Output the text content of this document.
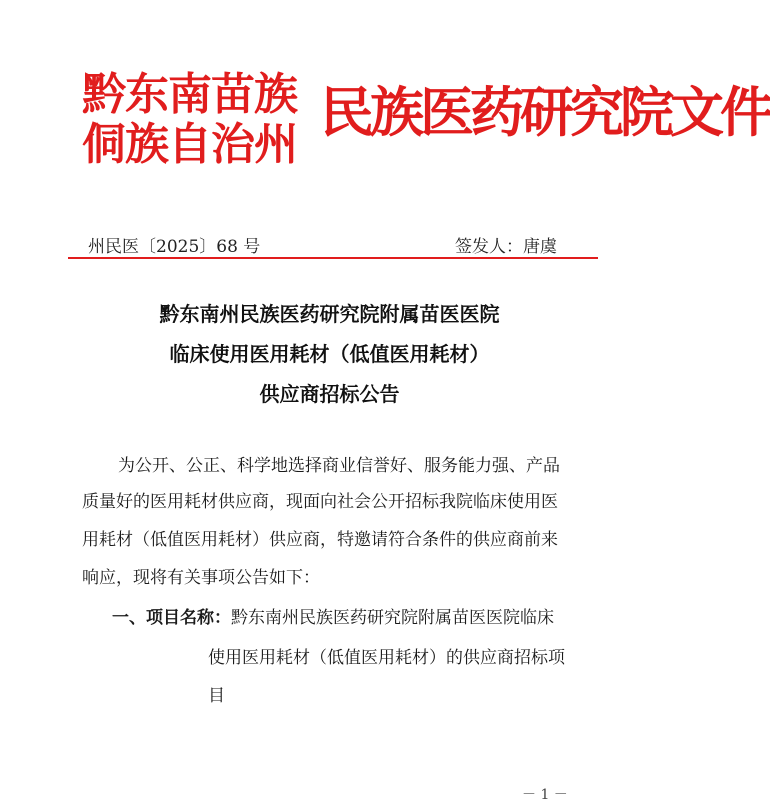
黔东南苗族
侗族自治州
民族医药研究院文件
州民医〔2025〕68 号	签发人：唐虞
黔东南州民族医药研究院附属苗医医院
临床使用医用耗材（低值医用耗材）
供应商招标公告
为公开、公正、科学地选择商业信誉好、服务能力强、产品
质量好的医用耗材供应商，现面向社会公开招标我院临床使用医
用耗材（低值医用耗材）供应商，特邀请符合条件的供应商前来
响应，现将有关事项公告如下：
一、项目名称：黔东南州民族医药研究院附属苗医医院临床
使用医用耗材（低值医用耗材）的供应商招标项
目
－ 1 －
